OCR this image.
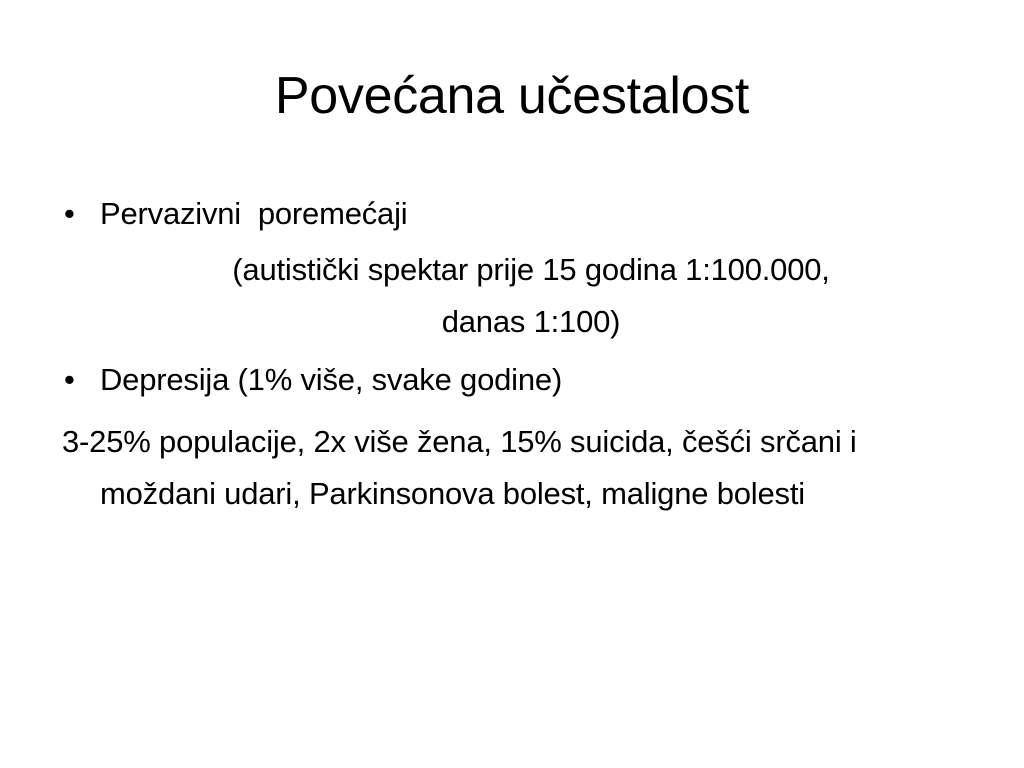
Povećana učestalost

• Pervazivni  poremećaji

(autistički spektar prije 15 godina 1:100.000,
danas 1:100)

• Depresija (1% više, svake godine)

3-25% populacije, 2x više žena, 15% suicida, češći srčani i moždani udari, Parkinsonova bolest, maligne bolesti
